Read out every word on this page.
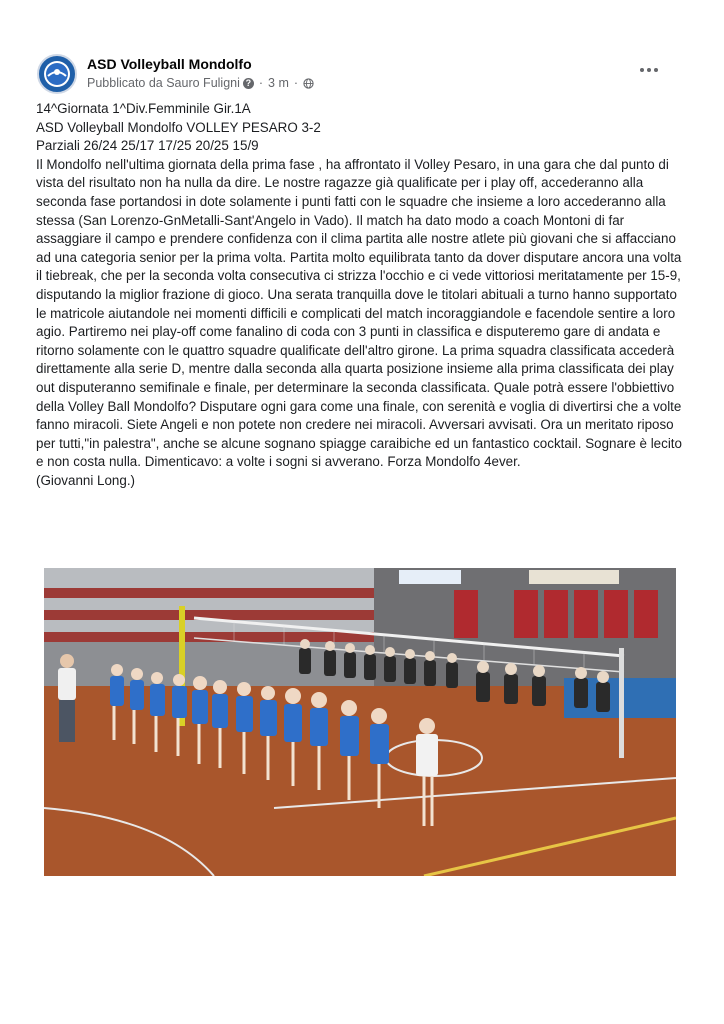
ASD Volleyball Mondolfo
Pubblicato da Sauro Fuligni ? · 3 m ·

14^Giornata 1^Div.Femminile Gir.1A

ASD Volleyball Mondolfo VOLLEY PESARO 3-2

Parziali 26/24 25/17 17/25 20/25 15/9

Il Mondolfo nell'ultima giornata della prima fase , ha affrontato il Volley Pesaro, in una gara che dal punto di vista del risultato non ha nulla da dire. Le nostre ragazze già qualificate per i play off, accederanno alla seconda fase portandosi in dote solamente i punti fatti con le squadre che insieme a loro accederanno alla stessa (San Lorenzo-GnMetalli-Sant'Angelo in Vado). Il match ha dato modo a coach Montoni di far assaggiare il campo e prendere confidenza con il clima partita alle nostre atlete più giovani che si affacciano ad una categoria senior per la prima volta. Partita molto equilibrata tanto da dover disputare ancora una volta il tiebreak, che per la seconda volta consecutiva ci strizza l'occhio e ci vede vittoriosi meritatamente per 15-9, disputando la miglior frazione di gioco. Una serata tranquilla dove le titolari abituali a turno hanno supportato le matricole aiutandole nei momenti difficili e complicati del match incoraggiandole e facendole sentire a loro agio. Partiremo nei play-off come fanalino di coda con 3 punti in classifica e disputeremo gare di andata e ritorno solamente con le quattro squadre qualificate dell'altro girone. La prima squadra classificata accederà direttamente alla serie D, mentre dalla seconda alla quarta posizione insieme alla prima classificata dei play out disputeranno semifinale e finale, per determinare la seconda classificata. Quale potrà essere l'obbiettivo della Volley Ball Mondolfo? Disputare ogni gara come una finale, con serenità e voglia di divertirsi che a volte fanno miracoli. Siete Angeli e non potete non credere nei miracoli. Avversari avvisati. Ora un meritato riposo per tutti,"in palestra", anche se alcune sognano spiagge caraibiche ed un fantastico cocktail. Sognare è lecito e non costa nulla. Dimenticavo: a volte i sogni si avverano. Forza Mondolfo 4ever.

(Giovanni Long.)
